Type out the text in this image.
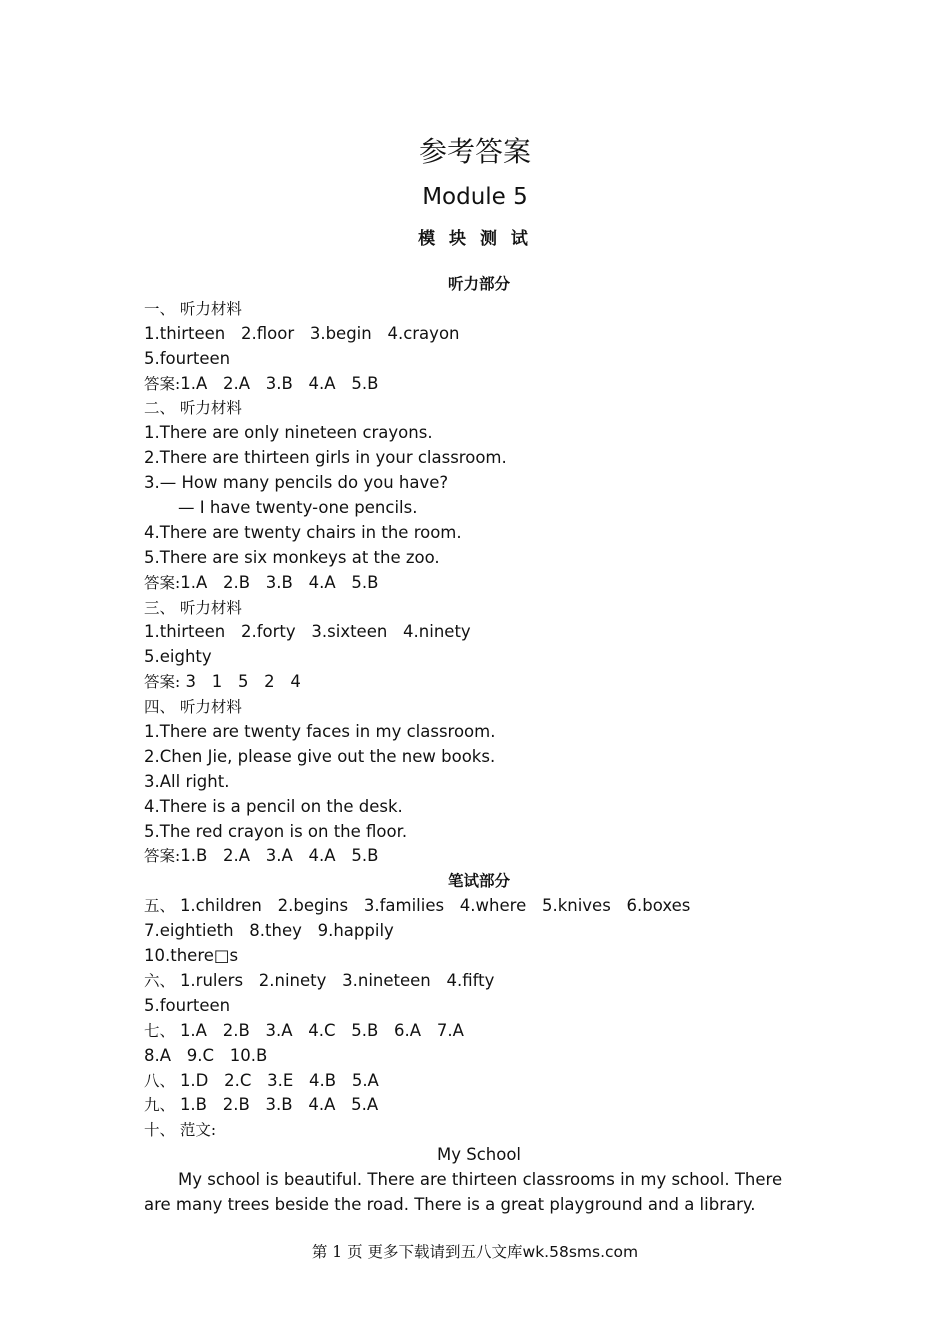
参考答案
Module 5
模 块 测 试
听力部分
一、 听力材料
1.thirteen   2.floor   3.begin   4.crayon
5.fourteen
答案:1.A   2.A   3.B   4.A   5.B
二、 听力材料
1.There are only nineteen crayons.
2.There are thirteen girls in your classroom.
3.— How many pencils do you have?
— I have twenty-one pencils.
4.There are twenty chairs in the room.
5.There are six monkeys at the zoo.
答案:1.A   2.B   3.B   4.A   5.B
三、 听力材料
1.thirteen   2.forty   3.sixteen   4.ninety
5.eighty
答案: 3   1   5   2   4
四、 听力材料
1.There are twenty faces in my classroom.
2.Chen Jie, please give out the new books.
3.All right.
4.There is a pencil on the desk.
5.The red crayon is on the floor.
答案:1.B   2.A   3.A   4.A   5.B
笔试部分
五、 1.children   2.begins   3.families   4.where   5.knives   6.boxes
7.eightieth   8.they   9.happily
10.there□s
六、 1.rulers   2.ninety   3.nineteen   4.fifty
5.fourteen
七、 1.A   2.B   3.A   4.C   5.B   6.A   7.A
8.A   9.C   10.B
八、 1.D   2.C   3.E   4.B   5.A
九、 1.B   2.B   3.B   4.A   5.A
十、 范文:
My School

My school is beautiful. There are thirteen classrooms in my school. There are many trees beside the road. There is a great playground and a library.

第 1 页 更多下载请到五八文库wk.58sms.com
